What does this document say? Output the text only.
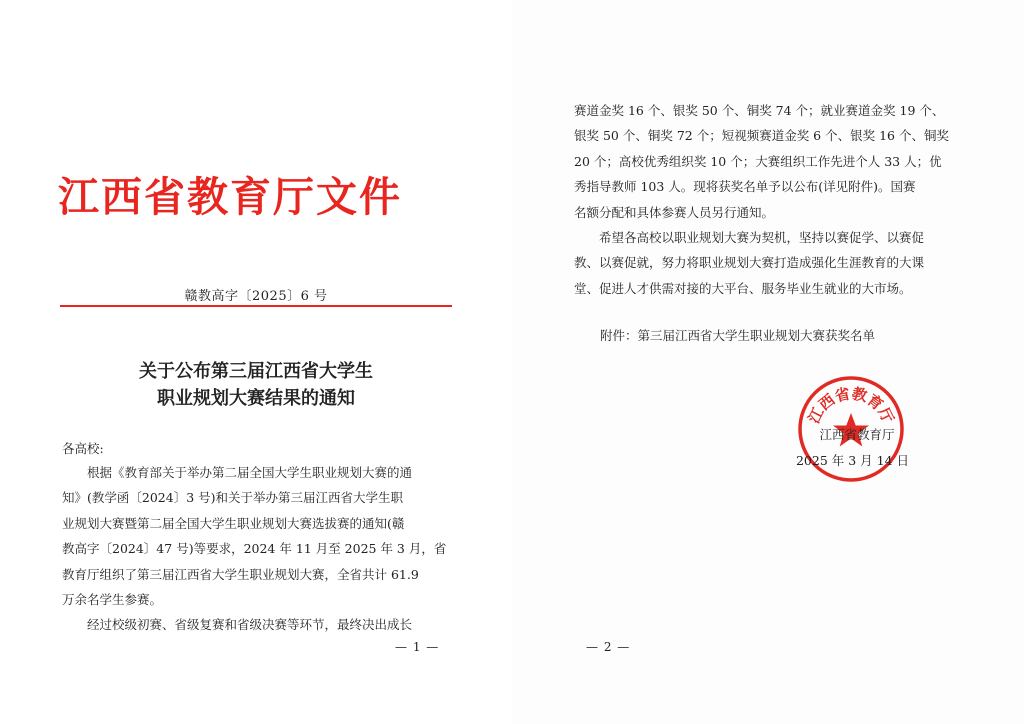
江西省教育厅文件
赣教高字〔2025〕6 号
关于公布第三届江西省大学生
职业规划大赛结果的通知
各高校:

根据《教育部关于举办第二届全国大学生职业规划大赛的通

知》(教学函〔2024〕3 号)和关于举办第三届江西省大学生职

业规划大赛暨第二届全国大学生职业规划大赛选拔赛的通知(赣

教高字〔2024〕47 号)等要求，2024 年 11 月至 2025 年 3 月，省

教育厅组织了第三届江西省大学生职业规划大赛，全省共计 61.9

万余名学生参赛。

经过校级初赛、省级复赛和省级决赛等环节，最终决出成长

— 1 —

赛道金奖 16 个、银奖 50 个、铜奖 74 个；就业赛道金奖 19 个、

银奖 50 个、铜奖 72 个；短视频赛道金奖 6 个、银奖 16 个、铜奖

20 个；高校优秀组织奖 10 个；大赛组织工作先进个人 33 人；优

秀指导教师 103 人。现将获奖名单予以公布(详见附件)。国赛

名额分配和具体参赛人员另行通知。

希望各高校以职业规划大赛为契机，坚持以赛促学、以赛促

教、以赛促就，努力将职业规划大赛打造成强化生涯教育的大课

堂、促进人才供需对接的大平台、服务毕业生就业的大市场。

附件：第三届江西省大学生职业规划大赛获奖名单
江西省教育厅
江西省教育厅
2025 年 3 月 14 日
— 2 —
